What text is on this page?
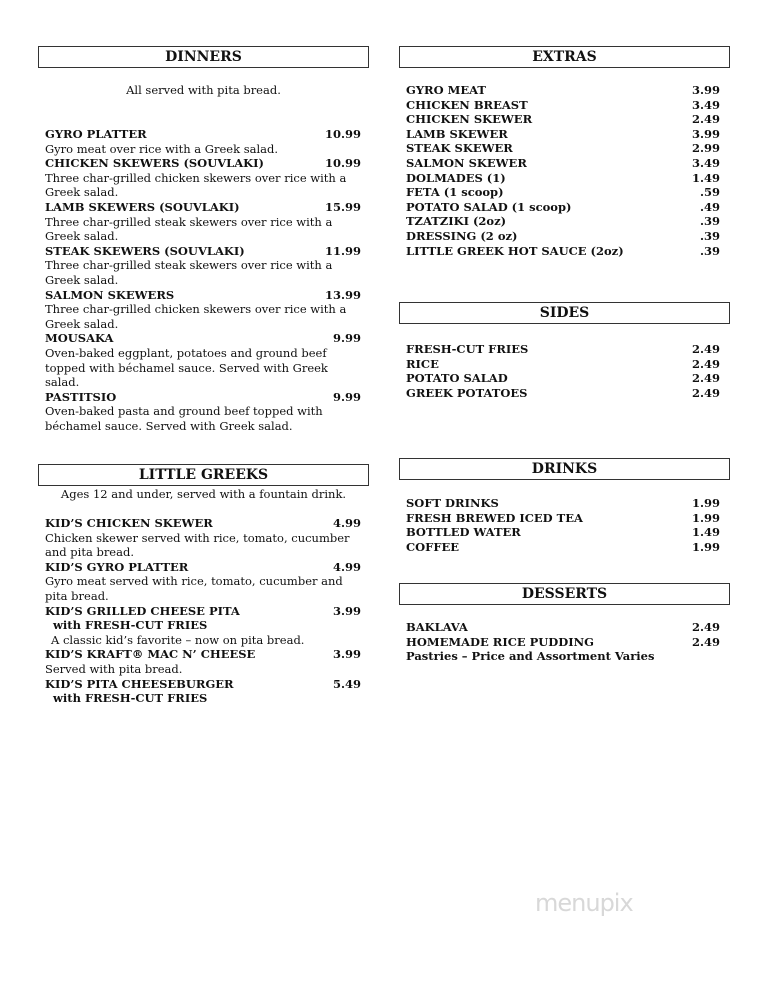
DINNERS
All served with pita bread.
GYRO PLATTER	10.99
Gyro meat over rice with a Greek salad.
CHICKEN SKEWERS (SOUVLAKI)	10.99
Three char-grilled chicken skewers over rice with a Greek salad.
LAMB SKEWERS (SOUVLAKI)	15.99
Three char-grilled steak skewers over rice with a Greek salad.
STEAK SKEWERS (SOUVLAKI)	11.99
Three char-grilled steak skewers over rice with a Greek salad.
SALMON SKEWERS	13.99
Three char-grilled chicken skewers over rice with a Greek salad.
MOUSAKA	9.99
Oven-baked eggplant, potatoes and ground beef topped with béchamel sauce. Served with Greek salad.
PASTITSIO	9.99
Oven-baked pasta and ground beef topped with béchamel sauce. Served with Greek salad.
LITTLE GREEKS
Ages 12 and under, served with a fountain drink.
KID’S CHICKEN SKEWER	4.99
Chicken skewer served with rice, tomato, cucumber and pita bread.
KID’S GYRO PLATTER	4.99
Gyro meat served with rice, tomato, cucumber and pita bread.
KID’S GRILLED CHEESE PITA	3.99
with FRESH-CUT FRIES
A classic kid’s favorite – now on pita bread.
KID’S KRAFT® MAC N’ CHEESE	3.99
Served with pita bread.
KID’S PITA CHEESEBURGER	5.49
with FRESH-CUT FRIES
EXTRAS
GYRO MEAT	3.99
CHICKEN BREAST	3.49
CHICKEN SKEWER	2.49
LAMB SKEWER	3.99
STEAK SKEWER	2.99
SALMON SKEWER	3.49
DOLMADES (1)	1.49
FETA (1 scoop)	.59
POTATO SALAD (1 scoop)	.49
TZATZIKI (2oz)	.39
DRESSING (2 oz)	.39
LITTLE GREEK HOT SAUCE (2oz)	.39
SIDES
FRESH-CUT FRIES	2.49
RICE	2.49
POTATO SALAD	2.49
GREEK POTATOES	2.49
DRINKS
SOFT DRINKS	1.99
FRESH BREWED ICED TEA	1.99
BOTTLED WATER	1.49
COFFEE	1.99
DESSERTS
BAKLAVA	2.49
HOMEMADE RICE PUDDING	2.49
Pastries – Price and Assortment Varies
menupix
